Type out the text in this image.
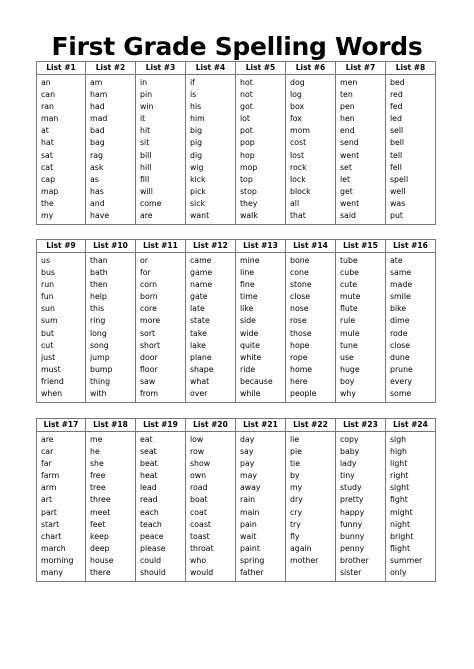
First Grade Spelling Words
List #1
an
can
ran
man
at
hat
sat
cat
cap
map
the
my
List #2
am
ham
had
mad
bad
bag
rag
ask
as
has
and
have
List #3
in
pin
win
it
hit
sit
bill
hill
fill
will
come
are
List #4
if
is
his
him
big
pig
dig
wig
kick
pick
sick
want
List #5
hot
not
got
lot
pot
pop
hop
mop
top
stop
they
walk
List #6
dog
log
box
fox
mom
cost
lost
rock
lock
block
all
that
List #7
men
ten
pen
hen
end
send
went
set
let
get
went
said
List #8
bed
red
fed
led
sell
bell
tell
fell
spell
well
was
put
List #9
us
bus
run
fun
sun
sum
but
cut
just
must
friend
when
List #10
than
bath
then
help
this
ring
long
song
jump
bump
thing
with
List #11
or
for
corn
born
core
more
sort
short
door
floor
saw
from
List #12
came
game
name
gate
late
state
take
lake
plane
shape
what
over
List #13
mine
line
fine
time
like
side
wide
quite
white
ride
because
while
List #14
bone
cone
stone
close
nose
rose
those
hope
rope
home
here
people
List #15
tube
cube
cute
mute
flute
rule
mule
tune
use
huge
boy
why
List #16
ate
same
made
smile
bike
dime
rode
close
dune
prune
every
some
List #17
are
car
far
farm
arm
art
part
start
chart
march
morning
many
List #18
me
he
she
free
tree
three
meet
feet
keep
deep
house
there
List #19
eat
seat
beat
heat
lead
read
each
teach
peace
please
could
should
List #20
low
row
show
own
road
boat
coat
coast
toast
throat
who
would
List #21
day
say
pay
may
away
rain
main
pain
wait
paint
spring
father
List #22
lie
pie
tie
by
my
dry
cry
try
fly
again
mother
List #23
copy
baby
lady
tiny
study
pretty
happy
funny
bunny
penny
brother
sister
List #24
sigh
high
light
right
sight
fight
might
night
bright
flight
summer
only
